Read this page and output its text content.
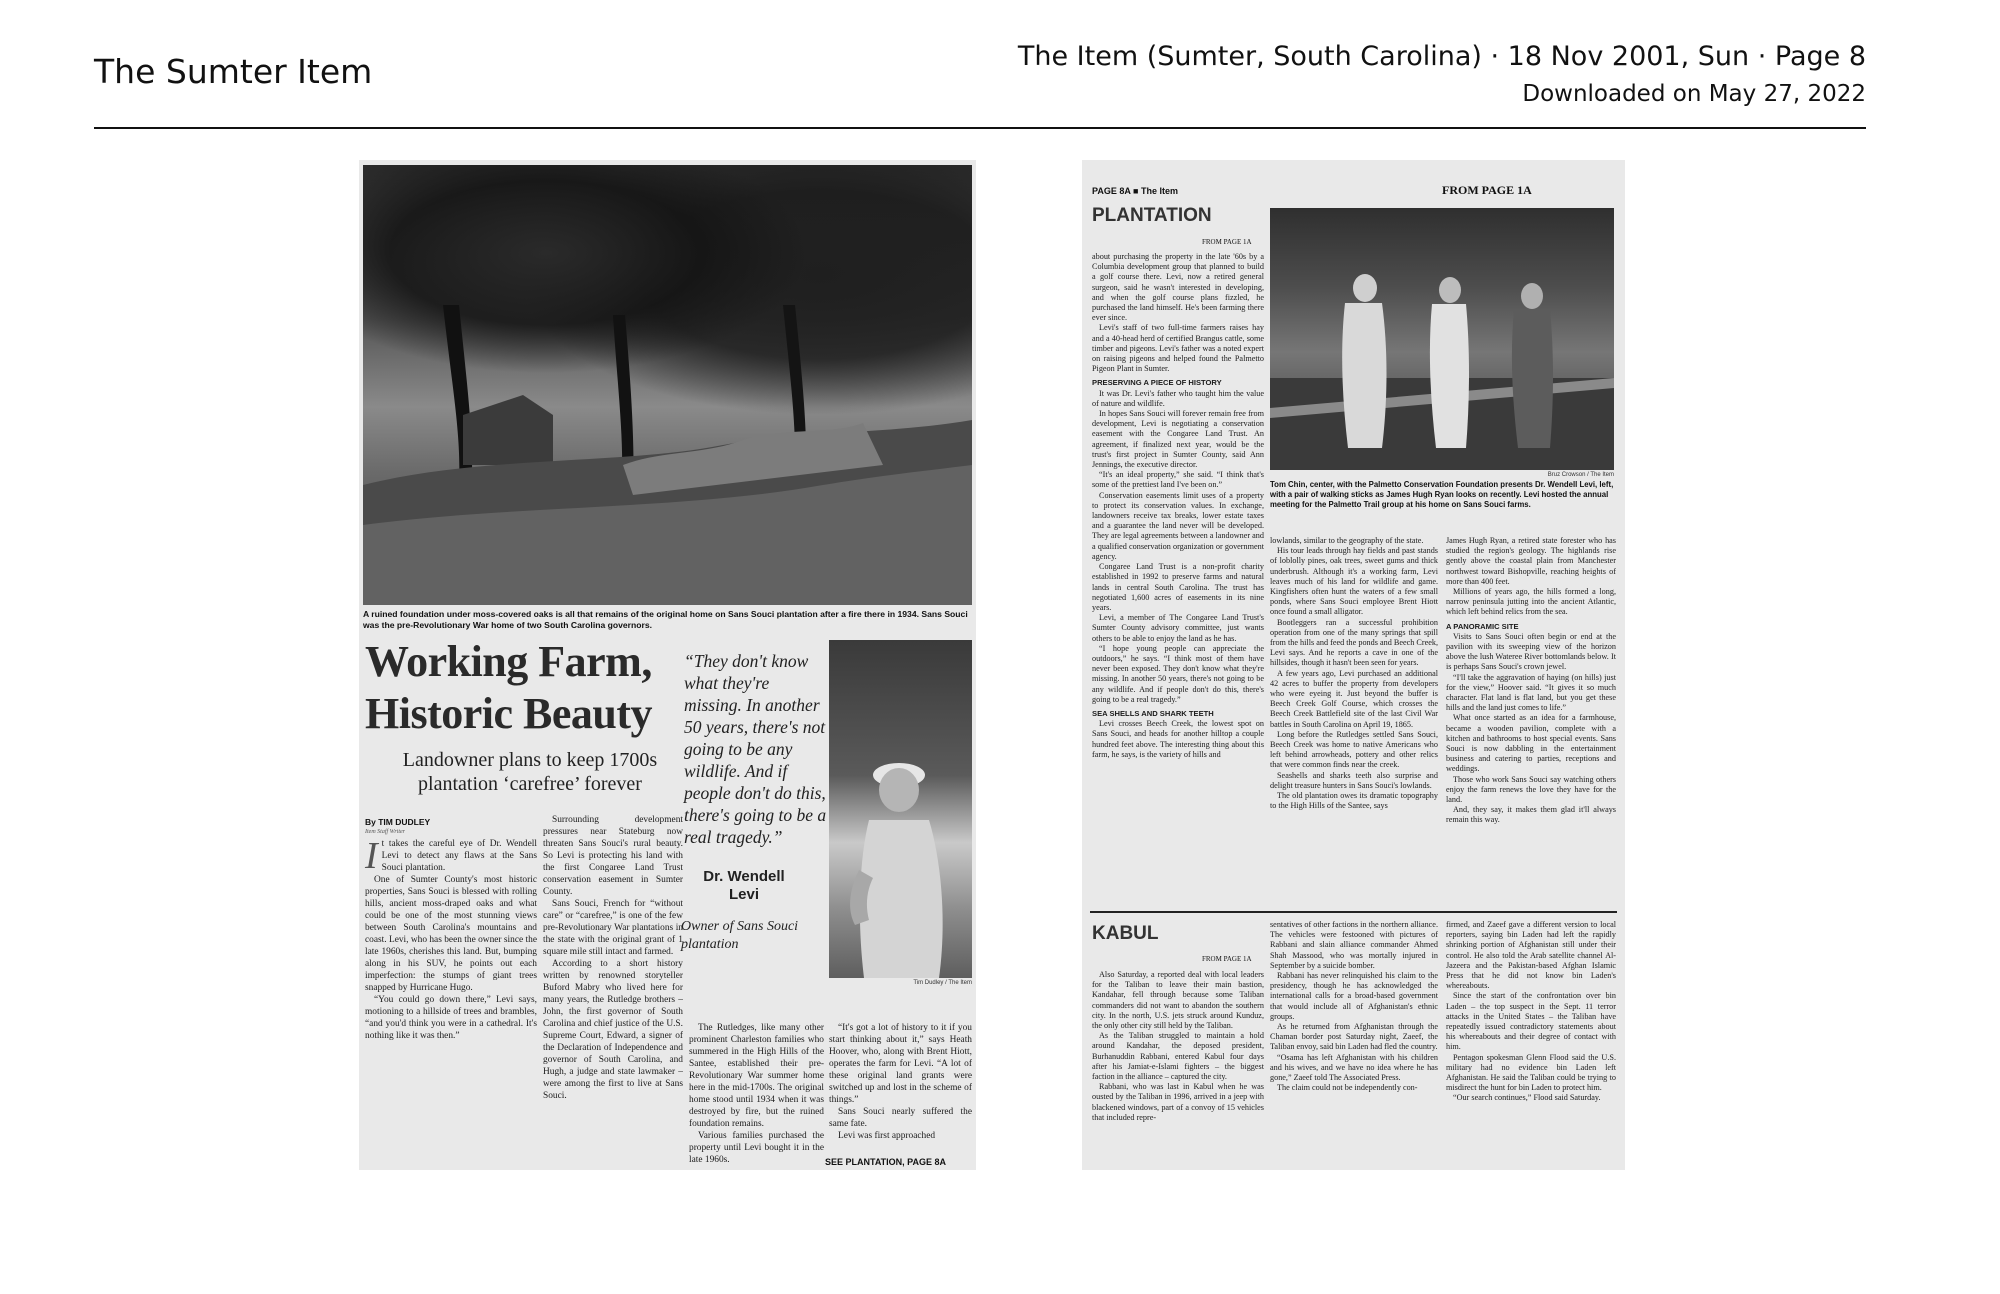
The Sumter Item	The Item (Sumter, South Carolina) · 18 Nov 2001, Sun · Page 8
Downloaded on May 27, 2022
A ruined foundation under moss-covered oaks is all that remains of the original home on Sans Souci plantation after a fire there in 1934. Sans Souci was the pre-Revolutionary War home of two South Carolina governors.
Working Farm,
Historic Beauty
Landowner plans to keep 1700s plantation ‘carefree’ forever
“They don't know what they're missing. In another 50 years, there's not going to be any wildlife. And if people don't do this, there's going to be a real tragedy.”
Dr. Wendell Levi
Owner of Sans Souci plantation
Tim Dudley / The Item
By TIM DUDLEY
Item Staff Writer
I t takes the careful eye of Dr. Wendell Levi to detect any flaws at the Sans Souci plantation.

One of Sumter County's most historic properties, Sans Souci is blessed with rolling hills, ancient moss-draped oaks and what could be one of the most stunning views between South Carolina's mountains and coast. Levi, who has been the owner since the late 1960s, cherishes this land. But, bumping along in his SUV, he points out each imperfection: the stumps of giant trees snapped by Hurricane Hugo.

“You could go down there,” Levi says, motioning to a hillside of trees and brambles, “and you'd think you were in a cathedral. It's nothing like it was then.”

Surrounding development pressures near Stateburg now threaten Sans Souci's rural beauty. So Levi is protecting his land with the first Congaree Land Trust conservation easement in Sumter County.

Sans Souci, French for “without care” or “carefree,” is one of the few pre-Revolutionary War plantations in the state with the original grant of 1 square mile still intact and farmed.

According to a short history written by renowned storyteller Buford Mabry who lived here for many years, the Rutledge brothers – John, the first governor of South Carolina and chief justice of the U.S. Supreme Court, Edward, a signer of the Declaration of Independence and governor of South Carolina, and Hugh, a judge and state lawmaker – were among the first to live at Sans Souci.

The Rutledges, like many other prominent Charleston families who summered in the High Hills of the Santee, established their pre-Revolutionary War summer home here in the mid-1700s. The original home stood until 1934 when it was destroyed by fire, but the ruined foundation remains.

Various families purchased the property until Levi bought it in the late 1960s.

“It's got a lot of history to it if you start thinking about it,” says Heath Hoover, who, along with Brent Hiott, operates the farm for Levi. “A lot of these original land grants were switched up and lost in the scheme of things.”

Sans Souci nearly suffered the same fate.

Levi was first approached

SEE PLANTATION, PAGE 8A
PAGE 8A ■ The Item	FROM PAGE 1A
PLANTATION
FROM PAGE 1A
Bruz Crowson / The Item
Tom Chin, center, with the Palmetto Conservation Foundation presents Dr. Wendell Levi, left, with a pair of walking sticks as James Hugh Ryan looks on recently. Levi hosted the annual meeting for the Palmetto Trail group at his home on Sans Souci farms.
about purchasing the property in the late '60s by a Columbia development group that planned to build a golf course there. Levi, now a retired general surgeon, said he wasn't interested in developing, and when the golf course plans fizzled, he purchased the land himself. He's been farming there ever since.

Levi's staff of two full-time farmers raises hay and a 40-head herd of certified Brangus cattle, some timber and pigeons. Levi's father was a noted expert on raising pigeons and helped found the Palmetto Pigeon Plant in Sumter.

PRESERVING A PIECE OF HISTORY

It was Dr. Levi's father who taught him the value of nature and wildlife.

In hopes Sans Souci will forever remain free from development, Levi is negotiating a conservation easement with the Congaree Land Trust. An agreement, if finalized next year, would be the trust's first project in Sumter County, said Ann Jennings, the executive director.

“It's an ideal property,” she said. “I think that's some of the prettiest land I've been on.”

Conservation easements limit uses of a property to protect its conservation values. In exchange, landowners receive tax breaks, lower estate taxes and a guarantee the land never will be developed. They are legal agreements between a landowner and a qualified conservation organization or government agency.

Congaree Land Trust is a non-profit charity established in 1992 to preserve farms and natural lands in central South Carolina. The trust has negotiated 1,600 acres of easements in its nine years.

Levi, a member of The Congaree Land Trust's Sumter County advisory committee, just wants others to be able to enjoy the land as he has.

“I hope young people can appreciate the outdoors,” he says. “I think most of them have never been exposed. They don't know what they're missing. In another 50 years, there's not going to be any wildlife. And if people don't do this, there's going to be a real tragedy.”

SEA SHELLS AND SHARK TEETH

Levi crosses Beech Creek, the lowest spot on Sans Souci, and heads for another hilltop a couple hundred feet above. The interesting thing about this farm, he says, is the variety of hills and

lowlands, similar to the geography of the state.

His tour leads through hay fields and past stands of loblolly pines, oak trees, sweet gums and thick underbrush. Although it's a working farm, Levi leaves much of his land for wildlife and game. Kingfishers often hunt the waters of a few small ponds, where Sans Souci employee Brent Hiott once found a small alligator.

Bootleggers ran a successful prohibition operation from one of the many springs that spill from the hills and feed the ponds and Beech Creek, Levi says. And he reports a cave in one of the hillsides, though it hasn't been seen for years.

A few years ago, Levi purchased an additional 42 acres to buffer the property from developers who were eyeing it. Just beyond the buffer is Beech Creek Golf Course, which crosses the Beech Creek Battlefield site of the last Civil War battles in South Carolina on April 19, 1865.

Long before the Rutledges settled Sans Souci, Beech Creek was home to native Americans who left behind arrowheads, pottery and other relics that were common finds near the creek.

Seashells and sharks teeth also surprise and delight treasure hunters in Sans Souci's lowlands.

The old plantation owes its dramatic topography to the High Hills of the Santee, says

James Hugh Ryan, a retired state forester who has studied the region's geology. The highlands rise gently above the coastal plain from Manchester northwest toward Bishopville, reaching heights of more than 400 feet.

Millions of years ago, the hills formed a long, narrow peninsula jutting into the ancient Atlantic, which left behind relics from the sea.

A PANORAMIC SITE

Visits to Sans Souci often begin or end at the pavilion with its sweeping view of the horizon above the lush Wateree River bottomlands below. It is perhaps Sans Souci's crown jewel.

“I'll take the aggravation of haying (on hills) just for the view,” Hoover said. “It gives it so much character. Flat land is flat land, but you get these hills and the land just comes to life.”

What once started as an idea for a farmhouse, became a wooden pavilion, complete with a kitchen and bathrooms to host special events. Sans Souci is now dabbling in the entertainment business and catering to parties, receptions and weddings.

Those who work Sans Souci say watching others enjoy the farm renews the love they have for the land.

And, they say, it makes them glad it'll always remain this way.

KABUL
FROM PAGE 1A

Also Saturday, a reported deal with local leaders for the Taliban to leave their main bastion, Kandahar, fell through because some Taliban commanders did not want to abandon the southern city. In the north, U.S. jets struck around Kunduz, the only other city still held by the Taliban.

As the Taliban struggled to maintain a hold around Kandahar, the deposed president, Burhanuddin Rabbani, entered Kabul four days after his Jamiat-e-Islami fighters – the biggest faction in the alliance – captured the city.

Rabbani, who was last in Kabul when he was ousted by the Taliban in 1996, arrived in a jeep with blackened windows, part of a convoy of 15 vehicles that included repre-

sentatives of other factions in the northern alliance. The vehicles were festooned with pictures of Rabbani and slain alliance commander Ahmed Shah Massood, who was mortally injured in September by a suicide bomber.

Rabbani has never relinquished his claim to the presidency, though he has acknowledged the international calls for a broad-based government that would include all of Afghanistan's ethnic groups.

As he returned from Afghanistan through the Chaman border post Saturday night, Zaeef, the Taliban envoy, said bin Laden had fled the country.

“Osama has left Afghanistan with his children and his wives, and we have no idea where he has gone,” Zaeef told The Associated Press.

The claim could not be independently con-

firmed, and Zaeef gave a different version to local reporters, saying bin Laden had left the rapidly shrinking portion of Afghanistan still under their control. He also told the Arab satellite channel Al-Jazeera and the Pakistan-based Afghan Islamic Press that he did not know bin Laden's whereabouts.

Since the start of the confrontation over bin Laden – the top suspect in the Sept. 11 terror attacks in the United States – the Taliban have repeatedly issued contradictory statements about his whereabouts and their degree of contact with him.

Pentagon spokesman Glenn Flood said the U.S. military had no evidence bin Laden left Afghanistan. He said the Taliban could be trying to misdirect the hunt for bin Laden to protect him.

“Our search continues,” Flood said Saturday.
